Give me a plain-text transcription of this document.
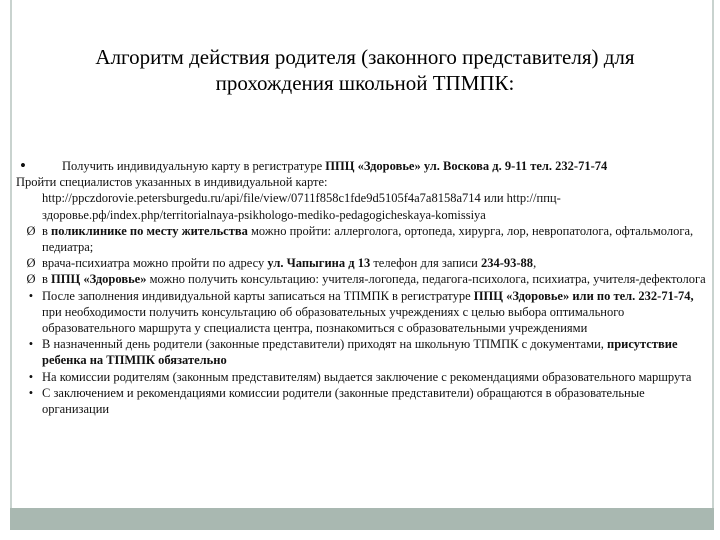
Алгоритм действия родителя (законного представителя) для
прохождения школьной ТПМПК:
•	Получить индивидуальную карту в регистратуре ППЦ «Здоровье» ул. Воскова д. 9-11 тел. 232-71-74
Пройти специалистов указанных в индивидуальной карте:
http://ppczdorovie.petersburgedu.ru/api/file/view/0711f858c1fde9d5105f4a7a8158a714 или http://ппц-здоровье.рф/index.php/territorialnaya-psikhologo-mediko-pedagogicheskaya-komissiya
Ø в поликлинике по месту жительства можно пройти: аллерголога, ортопеда, хирурга, лор, невропатолога, офтальмолога, педиатра;
Ø врача-психиатра можно пройти по адресу ул. Чапыгина д 13 телефон для записи 234-93-88,
Ø в ППЦ «Здоровье» можно получить консультацию: учителя-логопеда, педагога-психолога, психиатра, учителя-дефектолога
• После заполнения индивидуальной карты записаться на ТПМПК в регистратуре ППЦ «Здоровье» или по тел. 232-71-74, при необходимости получить консультацию об образовательных учреждениях с целью выбора оптимального образовательного маршрута у специалиста центра, познакомиться с образовательными учреждениями
• В назначенный день родители (законные представители) приходят на школьную ТПМПК с документами, присутствие ребенка на ТПМПК обязательно
• На комиссии родителям (законным представителям) выдается заключение с рекомендациями образовательного маршрута
• С заключением и рекомендациями комиссии родители (законные представители) обращаются в образовательные организации
